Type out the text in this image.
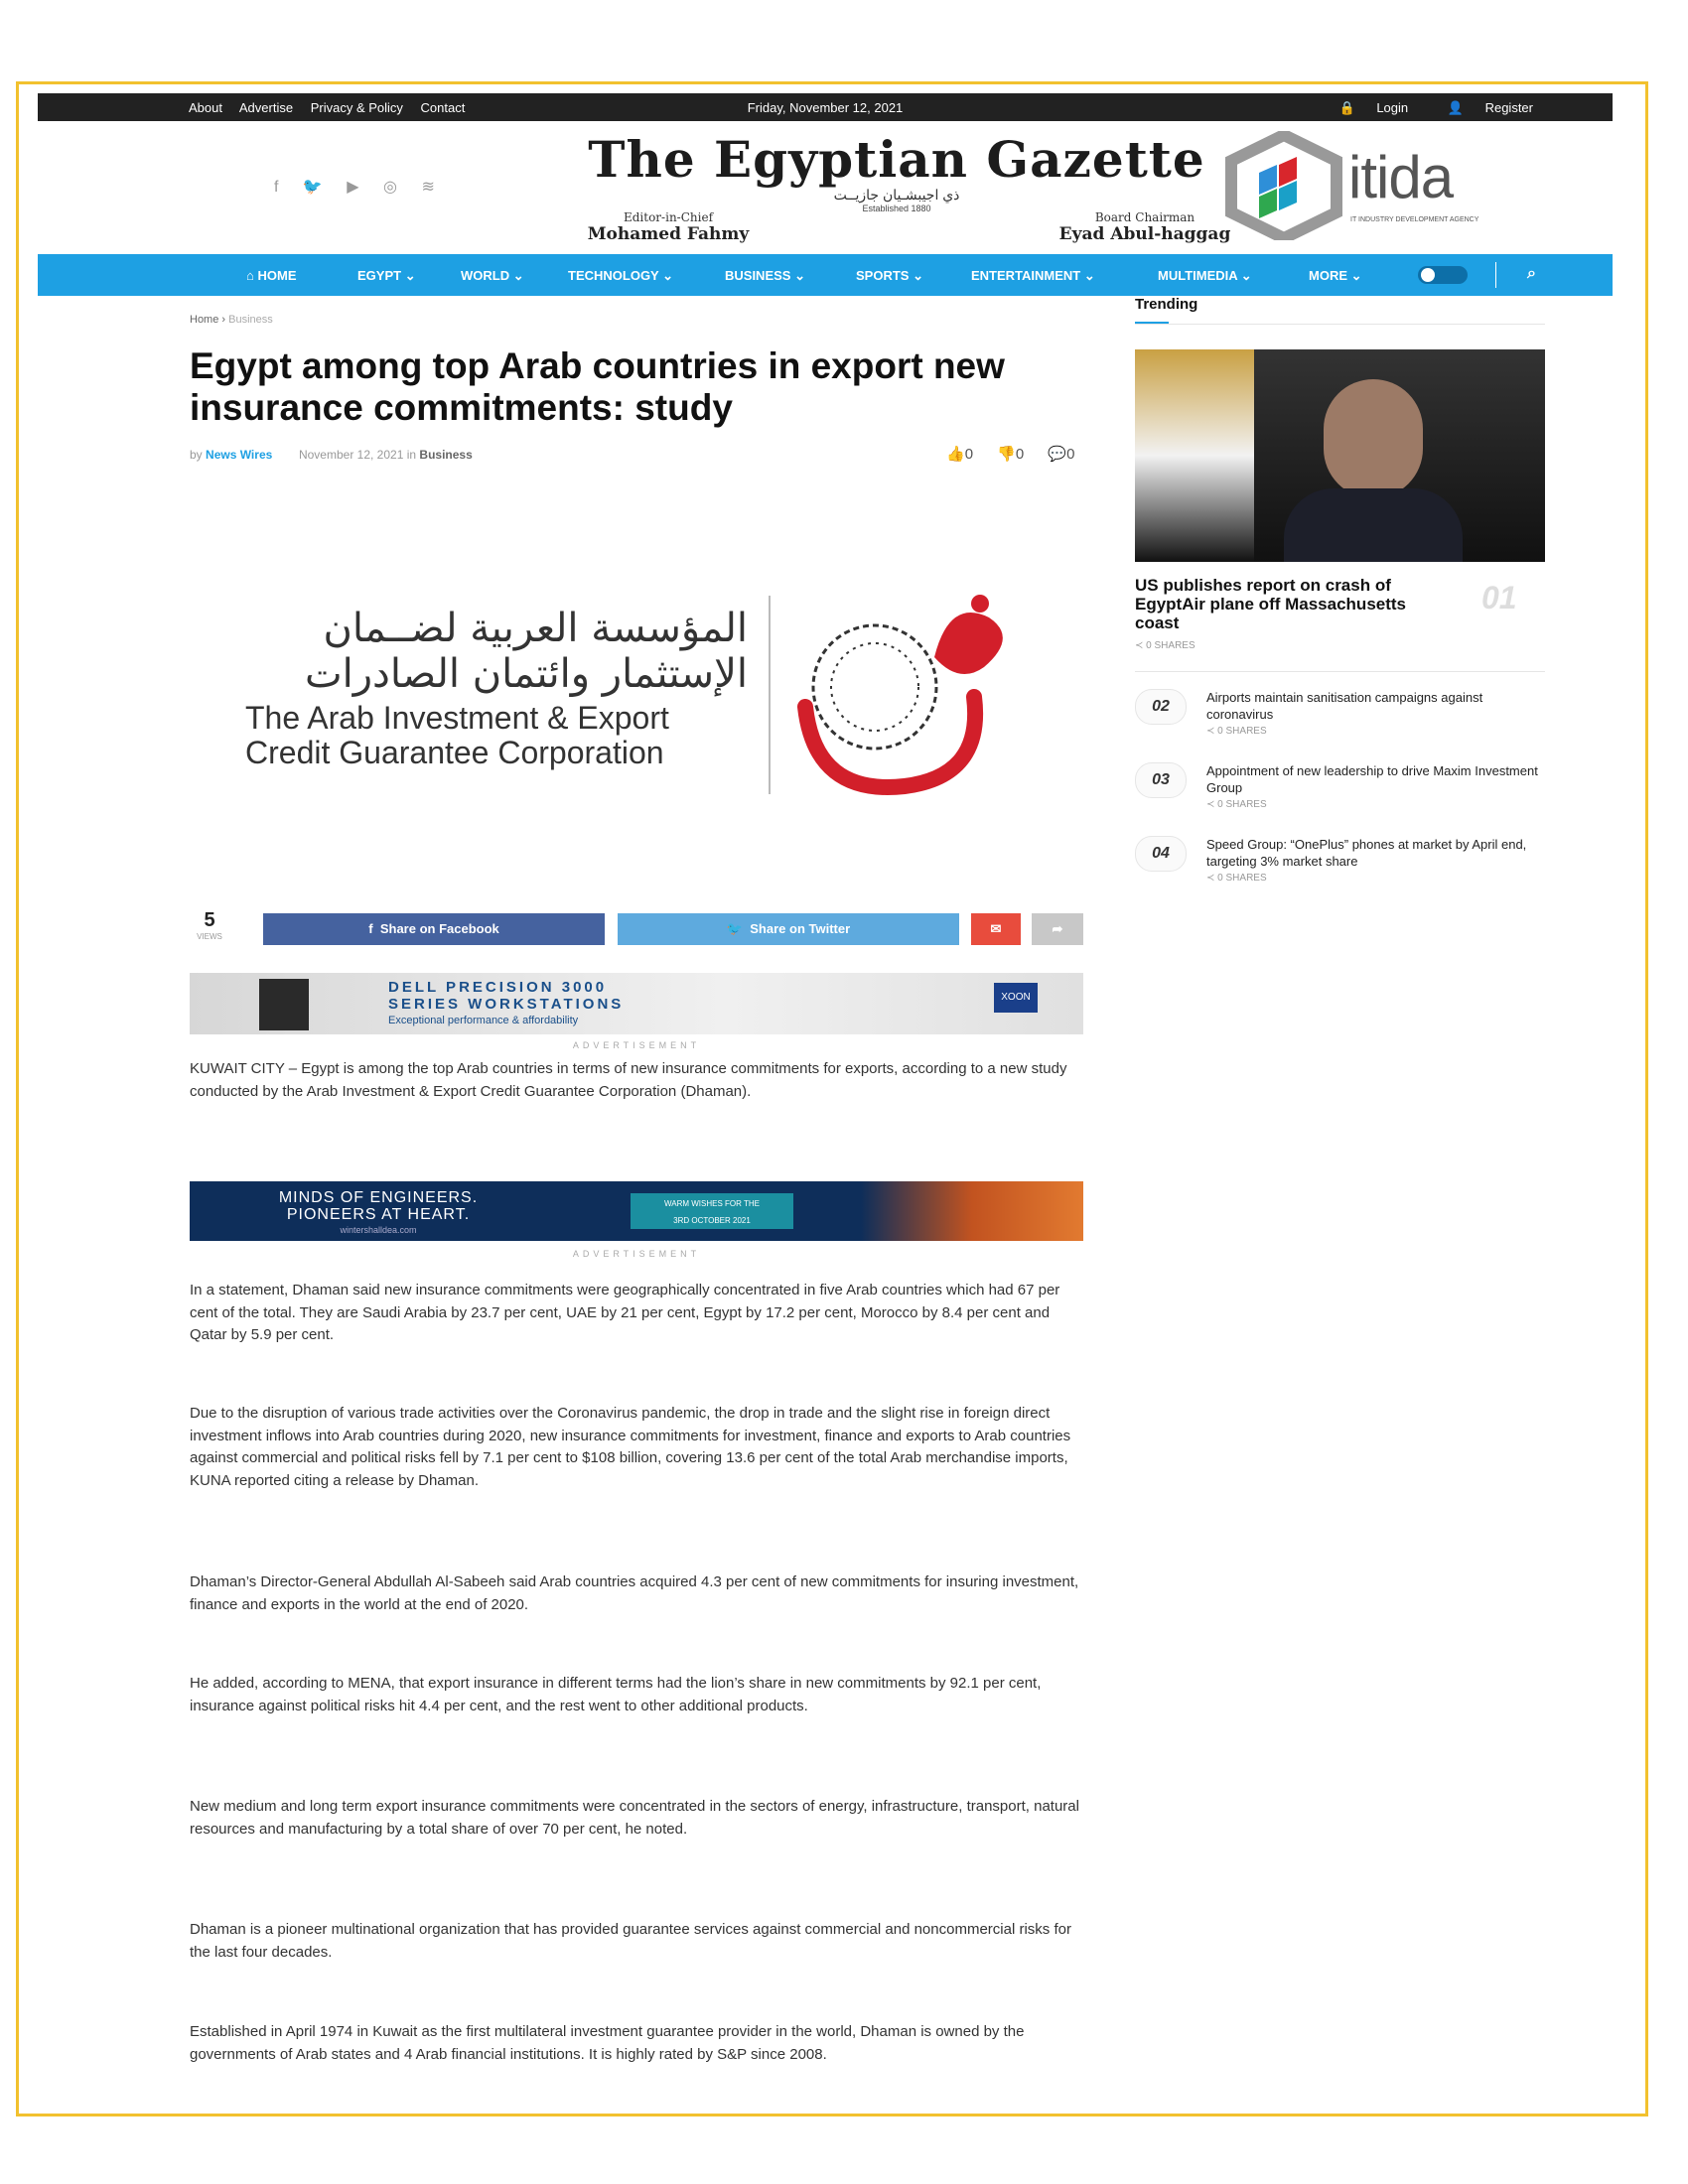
About Advertise Privacy & Policy Contact	Friday, November 12, 2021	🔒 Login	👤 Register
f 🐦 ▶ ◎ ≋	The Egyptian Gazette
ذي اجيبشـيان جازيــت
Established 1880
Editor-in-Chief
Mohamed Fahmy
Board Chairman
Eyad Abul-haggag
itida
IT INDUSTRY DEVELOPMENT AGENCY
⌂ HOME	EGYPT ⌄	WORLD ⌄	TECHNOLOGY ⌄	BUSINESS ⌄	SPORTS ⌄	ENTERTAINMENT ⌄	MULTIMEDIA ⌄	MORE ⌄	⌕
Home › Business
Egypt among top Arab countries in export new insurance commitments: study
by News Wires November 12, 2021 in Business	👍0 👎0 💬0
المؤسسة العربية لضــمان
الإستثمار وائتمان الصادرات
The Arab Investment & Export
Credit Guarantee Corporation
5
VIEWS
f Share on Facebook	🐦 Share on Twitter	✉	➦
DELL PRECISION 3000
SERIES WORKSTATIONS
Exceptional performance & affordability
XOON
ADVERTISEMENT
KUWAIT CITY – Egypt is among the top Arab countries in terms of new insurance commitments for exports, according to a new study conducted by the Arab Investment & Export Credit Guarantee Corporation (Dhaman).
MINDS OF ENGINEERS.
PIONEERS AT HEART.
wintershalldea.com
WARM WISHES FOR THE
3RD OCTOBER 2021
ADVERTISEMENT
In a statement, Dhaman said new insurance commitments were geographically concentrated in five Arab countries which had 67 per cent of the total. They are Saudi Arabia by 23.7 per cent, UAE by 21 per cent, Egypt by 17.2 per cent, Morocco by 8.4 per cent and Qatar by 5.9 per cent.
Due to the disruption of various trade activities over the Coronavirus pandemic, the drop in trade and the slight rise in foreign direct investment inflows into Arab countries during 2020, new insurance commitments for investment, finance and exports to Arab countries against commercial and political risks fell by 7.1 per cent to $108 billion, covering 13.6 per cent of the total Arab merchandise imports, KUNA reported citing a release by Dhaman.
Dhaman’s Director-General Abdullah Al-Sabeeh said Arab countries acquired 4.3 per cent of new commitments for insuring investment, finance and exports in the world at the end of 2020.
He added, according to MENA, that export insurance in different terms had the lion’s share in new commitments by 92.1 per cent, insurance against political risks hit 4.4 per cent, and the rest went to other additional products.
New medium and long term export insurance commitments were concentrated in the sectors of energy, infrastructure, transport, natural resources and manufacturing by a total share of over 70 per cent, he noted.
Dhaman is a pioneer multinational organization that has provided guarantee services against commercial and noncommercial risks for the last four decades.
Established in April 1974 in Kuwait as the first multilateral investment guarantee provider in the world, Dhaman is owned by the governments of Arab states and 4 Arab financial institutions. It is highly rated by S&P since 2008.
Trending
US publishes report on crash of EgyptAir plane off Massachusetts coast
01
≺ 0 SHARES
02
Airports maintain sanitisation campaigns against coronavirus
≺ 0 SHARES
03
Appointment of new leadership to drive Maxim Investment Group
≺ 0 SHARES
04
Speed Group: “OnePlus” phones at market by April end, targeting 3% market share
≺ 0 SHARES
